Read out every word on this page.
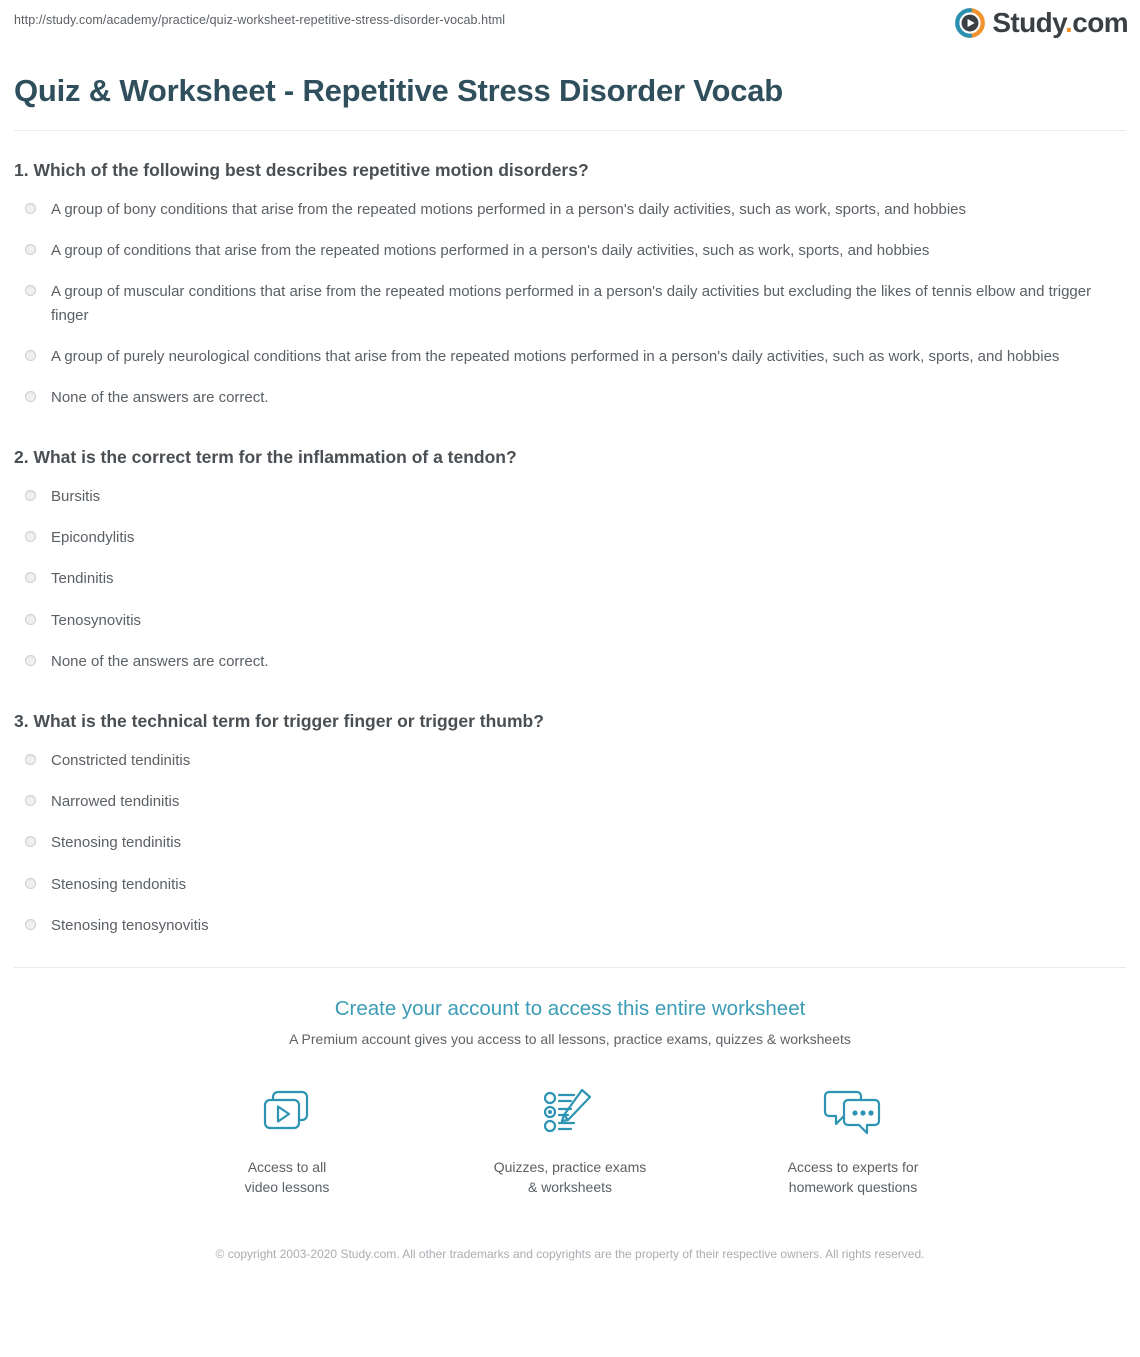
http://study.com/academy/practice/quiz-worksheet-repetitive-stress-disorder-vocab.html	Study.com
Quiz & Worksheet - Repetitive Stress Disorder Vocab

1. Which of the following best describes repetitive motion disorders?

A group of bony conditions that arise from the repeated motions performed in a person's daily activities, such as work, sports, and hobbies
A group of conditions that arise from the repeated motions performed in a person's daily activities, such as work, sports, and hobbies
A group of muscular conditions that arise from the repeated motions performed in a person's daily activities but excluding the likes of tennis elbow and trigger finger
A group of purely neurological conditions that arise from the repeated motions performed in a person's daily activities, such as work, sports, and hobbies
None of the answers are correct.

2. What is the correct term for the inflammation of a tendon?

Bursitis
Epicondylitis
Tendinitis
Tenosynovitis
None of the answers are correct.

3. What is the technical term for trigger finger or trigger thumb?

Constricted tendinitis
Narrowed tendinitis
Stenosing tendinitis
Stenosing tendonitis
Stenosing tenosynovitis
Create your account to access this entire worksheet

A Premium account gives you access to all lessons, practice exams, quizzes & worksheets

Access to all
video lessons
Quizzes, practice exams
& worksheets
Access to experts for
homework questions

© copyright 2003-2020 Study.com. All other trademarks and copyrights are the property of their respective owners. All rights reserved.
